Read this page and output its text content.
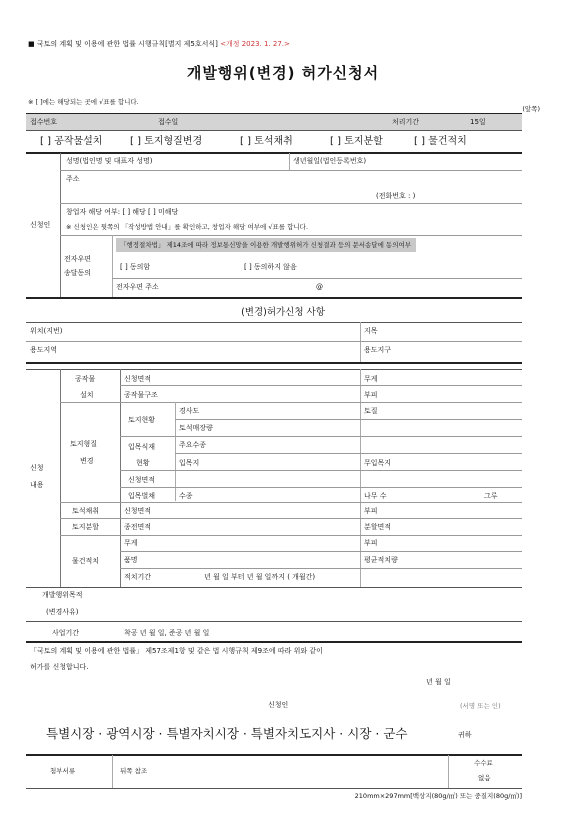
■ 국토의 계획 및 이용에 관한 법률 시행규칙[별지 제5호서식] <개정 2023. 1. 27.>
개발행위(변경) 허가신청서
※ [ ]에는 해당되는 곳에 √표를 합니다.
(앞쪽)
접수번호	접수일	처리기간	15일
[ ] 공작물설치	[ ] 토지형질변경	[ ] 토석채취	[ ] 토지분할	[ ] 물건적치
신청인
성명(법인명 및 대표자 성명)	생년월일(법인등록번호)
주소
(전화번호 : )
창업자 해당 여부: [ ] 해당 [ ] 미해당
※ 신청인은 뒷쪽의 「작성방법 안내」를 확인하고, 창업자 해당 여부에 √표를 합니다.
전자우편
송달동의
「행정절차법」 제14조에 따라 정보통신망을 이용한 개발행위허가 신청결과 등의 문서송달에 동의여부
[ ] 동의함	[ ] 동의하지 않음
전자우편 주소	@
(변경)허가신청 사항
위치(지번)	지목
용도지역	용도지구
신청
내용
공작물
설치
신청면적	무게
공작물구조	부피
토지형질
변경
토지현황
경사도	토질
토석매장량
입목식재
현황
주요수종
입목지	무입목지
신청면적
입목벌채	수종	나무 수	그루
토석채취	신청면적	부피
토지분할	종전면적	분할면적
물건적치
무게	부피
품명	평균적치량
적치기간	년 월 일 부터 년 월 일까지 ( 개월간)
개발행위목적
(변경사유)
사업기간	착공 년 월 일, 준공 년 월 일
「국토의 계획 및 이용에 관한 법률」 제57조제1항 및 같은 법 시행규칙 제9조에 따라 위와 같이
허가를 신청합니다.
년 월 일
신청인	(서명 또는 인)
특별시장 · 광역시장 · 특별자치시장 · 특별자치도지사 · 시장 · 군수	귀하
첨부서류	뒤쪽 참조
수수료
없음
210mm×297mm[백상지(80g/㎡) 또는 중질지(80g/㎡)]
